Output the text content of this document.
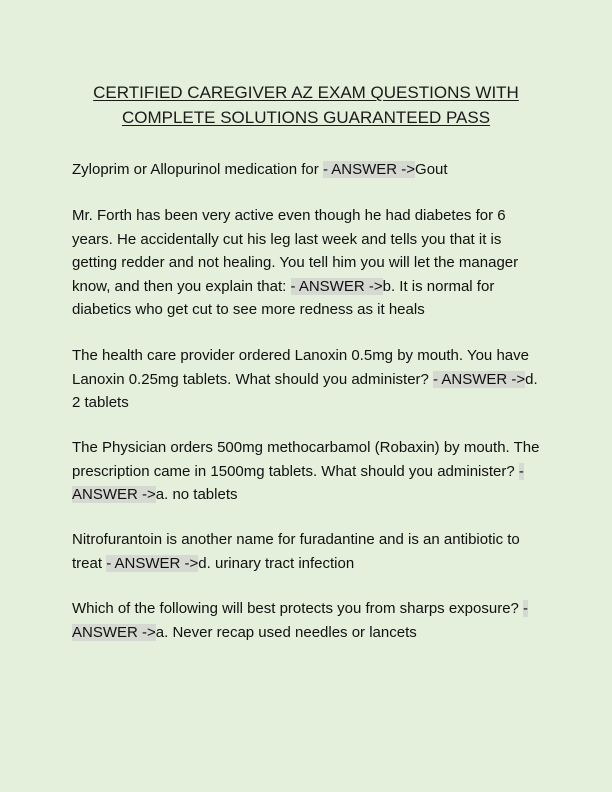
CERTIFIED CAREGIVER AZ EXAM QUESTIONS WITH
COMPLETE SOLUTIONS GUARANTEED PASS

Zyloprim or Allopurinol medication for - ANSWER ->Gout

Mr. Forth has been very active even though he had diabetes for 6 years. He accidentally cut his leg last week and tells you that it is getting redder and not healing. You tell him you will let the manager know, and then you explain that: - ANSWER ->b. It is normal for diabetics who get cut to see more redness as it heals

The health care provider ordered Lanoxin 0.5mg by mouth. You have Lanoxin 0.25mg tablets. What should you administer? - ANSWER ->d. 2 tablets

The Physician orders 500mg methocarbamol (Robaxin) by mouth. The prescription came in 1500mg tablets. What should you administer? - ANSWER ->a. no tablets

Nitrofurantoin is another name for furadantine and is an antibiotic to treat - ANSWER ->d. urinary tract infection

Which of the following will best protects you from sharps exposure? - ANSWER ->a. Never recap used needles or lancets
